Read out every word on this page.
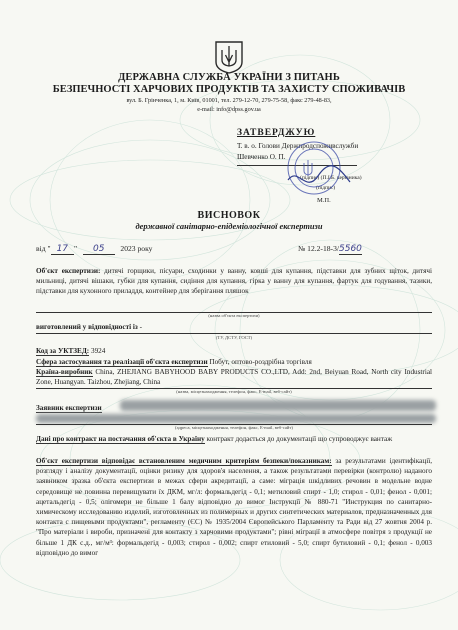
ДЕРЖАВНА СЛУЖБА УКРАЇНИ З ПИТАНЬ
БЕЗПЕЧНОСТІ ХАРЧОВИХ ПРОДУКТІВ ТА ЗАХИСТУ СПОЖИВАЧІВ
вул. Б. Грінченка, 1, м. Київ, 01001, тел. 279-12-70, 279-75-58, факс 279-48-83,
e-mail: info@dpss.gov.ua
ЗАТВЕРДЖУЮ
Т. в. о. Голови Держпродспоживслужби
Шевченко О. П.
(підпис) (П.І.Б. керівника)
(підпис)
М.П.
ВИСНОВОК
державної санітарно-епідеміологічної експертизи
від " 17 " 05 2023 року	№ 12.2-18-3/5560
Об'єкт експертизи: дитячі горщики, пісуари, сходинки у ванну, ковші для купання, підставки для зубних щіток, дитячі мильниці, дитячі вішаки, губки для купання, сидіння для купання, гірка у ванну для купання, фартук для годування, тазики, підставки для кухонного приладдя, контейнер для зберігання пляшок
(назва об'єкта експертизи)
виготовлений у відповідності із -
(ТУ, ДСТУ, ГОСТ)
Код за УКТЗЕД: 3924
Сфера застосування та реалізації об'єкта експертизи Побут, оптово-роздрібна торгівля
Країна-виробник China, ZHEJIANG BABYHOOD BABY PRODUCTS CO.,LTD, Add: 2nd, Beiyuan Road, North city Industrial Zone, Huangyan. Taizhou, Zhejiang, China
(назва, місцезнаходження, телефон, факс, E-mail, веб-сайт)
Заявник експертизи
(адреса, місцезнаходження, телефон, факс, E-mail, веб-сайт)
Дані про контракт на постачання об'єкта в Україну контракт додається до документації що супроводжує вантаж
Об'єкт експертизи відповідає встановленим медичним критеріям безпеки/показникам: за результатами ідентифікації, розгляду і аналізу документації, оцінки ризику для здоров'я населення, а також результатами перевірки (контролю) наданого заявником зразка об'єкта експертизи в межах сфери акредитації, а саме: міграція шкідливих речовин в модельне водне середовище не повинна перевищувати їх ДКМ, мг/л: формальдегід - 0,1; метиловий спирт - 1,0; стирол - 0,01; фенол - 0,001; ацетальдегід - 0,5; олігомери не більше 1 балу відповідно до вимог Інструкції № 880-71 "Инструкция по санитарно-химическому исследованию изделий, изготовленных из полимерных и других синтетических материалов, предназначенных для контакта с пищевыми продуктами", регламенту (ЄС) № 1935/2004 Європейського Парламенту та Ради від 27 жовтня 2004 р. "Про матеріали і вироби, призначені для контакту з харчовими продуктами"; рівні міграції в атмосфере повітря з продукції не більше 1 ДК с.д., мг/м³: формальдегід - 0,003; стирол - 0,002; спирт етиловий - 5,0; спирт бутиловий - 0,1; фенол - 0,003 відповідно до вимог
